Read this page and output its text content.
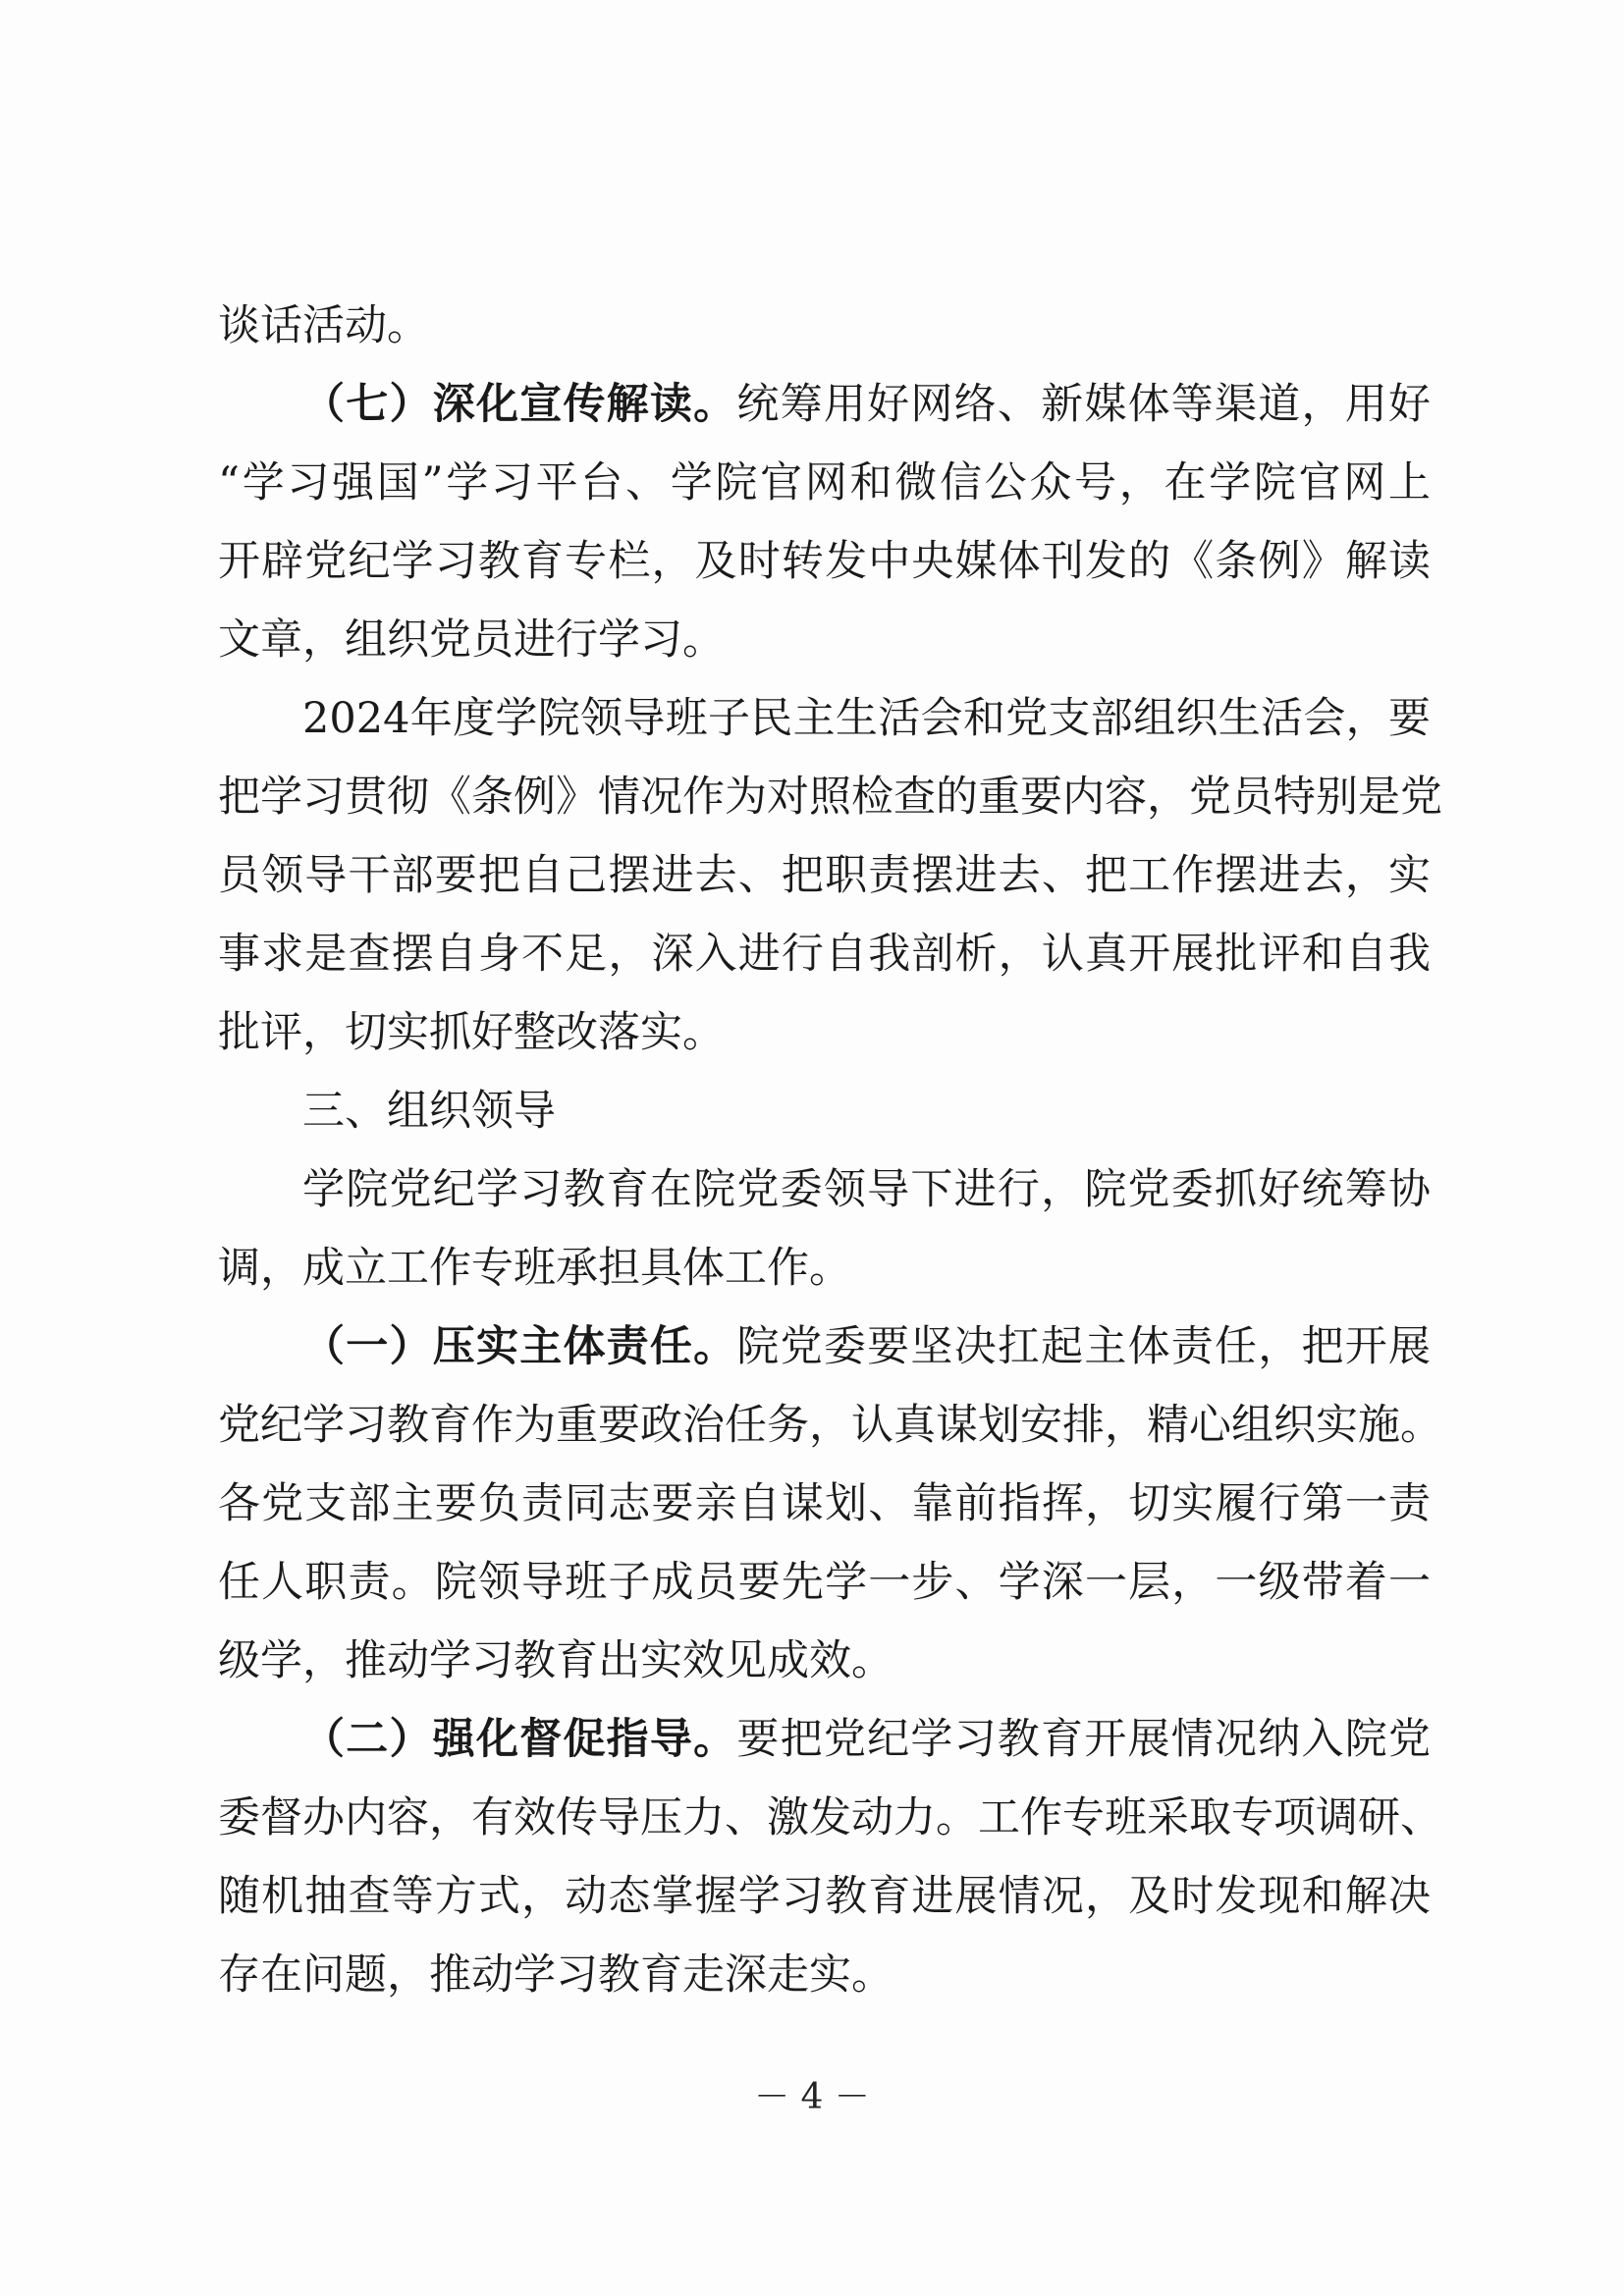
谈话活动。
（七）深化宣传解读。统筹用好网络、新媒体等渠道，用好
“学习强国”学习平台、学院官网和微信公众号，在学院官网上
开辟党纪学习教育专栏，及时转发中央媒体刊发的《条例》解读
文章，组织党员进行学习。
2024年度学院领导班子民主生活会和党支部组织生活会，要
把学习贯彻《条例》情况作为对照检查的重要内容，党员特别是党
员领导干部要把自己摆进去、把职责摆进去、把工作摆进去，实
事求是查摆自身不足，深入进行自我剖析，认真开展批评和自我
批评，切实抓好整改落实。
三、组织领导
学院党纪学习教育在院党委领导下进行，院党委抓好统筹协
调，成立工作专班承担具体工作。
（一）压实主体责任。院党委要坚决扛起主体责任，把开展
党纪学习教育作为重要政治任务，认真谋划安排，精心组织实施。
各党支部主要负责同志要亲自谋划、靠前指挥，切实履行第一责
任人职责。院领导班子成员要先学一步、学深一层，一级带着一
级学，推动学习教育出实效见成效。
（二）强化督促指导。要把党纪学习教育开展情况纳入院党
委督办内容，有效传导压力、激发动力。工作专班采取专项调研、
随机抽查等方式，动态掌握学习教育进展情况，及时发现和解决
存在问题，推动学习教育走深走实。
－ 4 －
